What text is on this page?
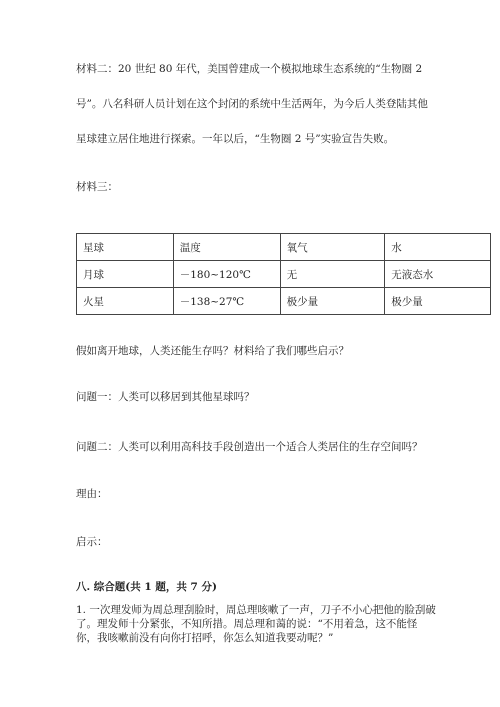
材料二：20 世纪 80 年代，美国曾建成一个模拟地球生态系统的“生物圈 2
号”。八名科研人员计划在这个封闭的系统中生活两年，为今后人类登陆其他
星球建立居住地进行探索。一年以后，“生物圈 2 号”实验宣告失败。
材料三：
星球	温度	氧气	水
月球	－180~120℃	无	无液态水
火星	－138~27℃	极少量	极少量
假如离开地球，人类还能生存吗？材料给了我们哪些启示？
问题一：人类可以移居到其他星球吗？
问题二：人类可以利用高科技手段创造出一个适合人类居住的生存空间吗？
理由：
启示：
八. 综合题(共 1 题，共 7 分)
1. 一次理发师为周总理刮脸时，周总理咳嗽了一声，刀子不小心把他的脸刮破了。理发师十分紧张，不知所措。周总理和蔼的说：“不用着急，这不能怪你，我咳嗽前没有向你打招呼，你怎么知道我要动呢？”
